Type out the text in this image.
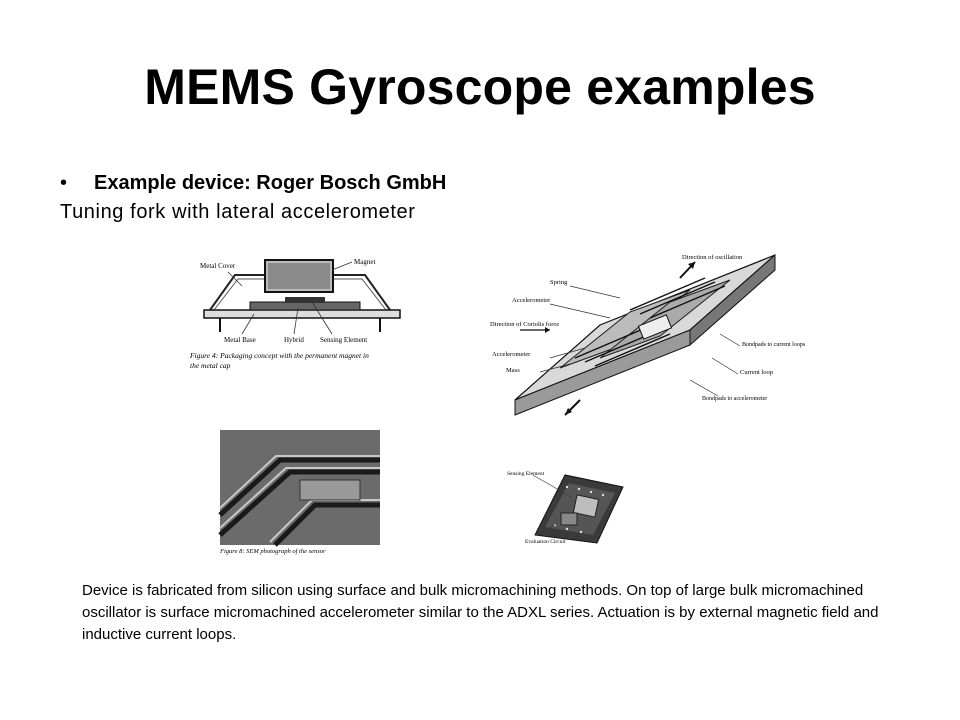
MEMS Gyroscope examples
• Example device: Roger Bosch GmbH
Tuning fork with lateral accelerometer
Metal Cover	Magnet
Metal Base	Hybrid Sensing Element
Figure 4: Packaging concept with the permanent magnet in
the metal cap
Direction of oscillation
Spring
Accelerometer
Direction of Coriolis force
Accelerometer
Mass
Bondpads to current loops
Current loop
Bondpads to accelerometer
Figure 8: SEM photograph of the sensor
Sensing Element
Evaluation Circuit
Device is fabricated from silicon using surface and bulk micromachining methods. On top of large bulk micromachined oscillator is surface micromachined accelerometer similar to the ADXL series. Actuation is by external magnetic field and inductive current loops.
